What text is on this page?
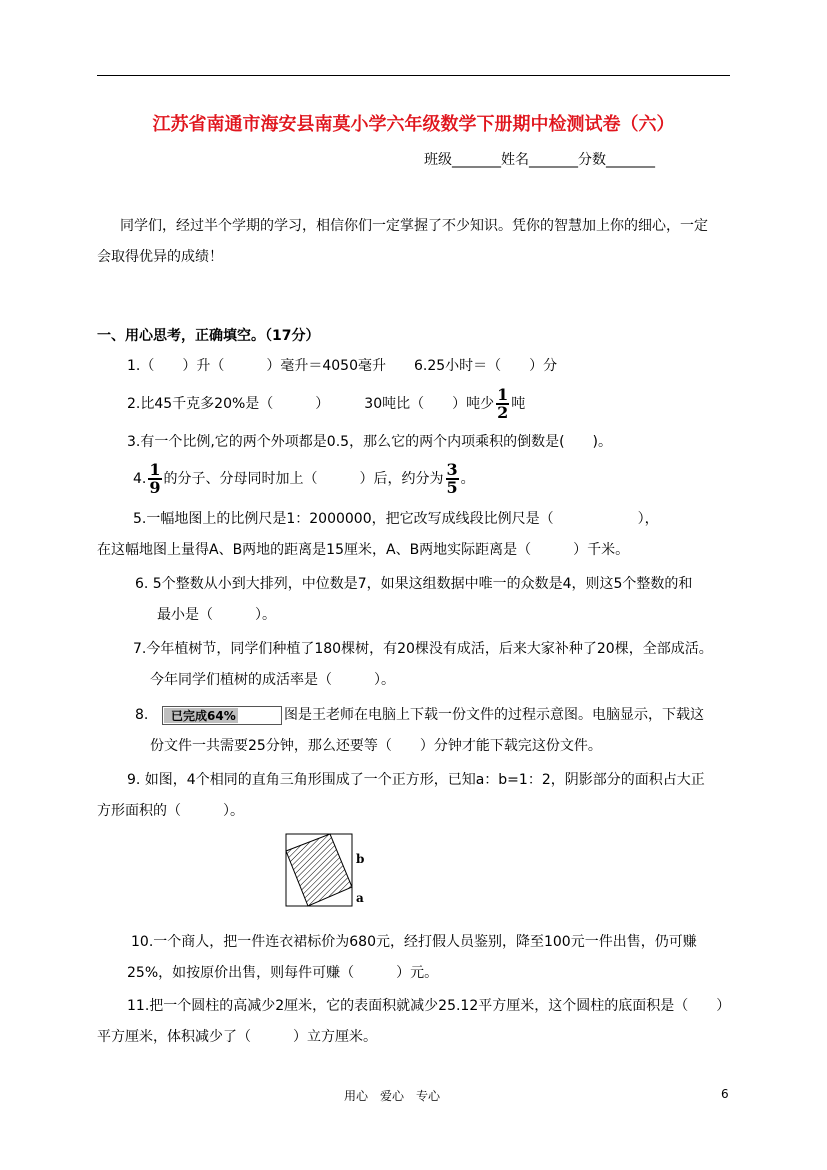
江苏省南通市海安县南莫小学六年级数学下册期中检测试卷（六）
班级_______姓名_______分数_______
同学们，经过半个学期的学习，相信你们一定掌握了不少知识。凭你的智慧加上你的细心，一定
会取得优异的成绩！
一、用心思考，正确填空。（17分）
1.（　　）升（　　　）毫升＝4050毫升　　6.25小时＝（　　）分
2.比45千克多20%是（　　　）　　　30吨比（　　）吨少 $\frac{1}{2}$ 吨
3.有一个比例,它的两个外项都是0.5，那么它的两个内项乘积的倒数是(　　)。
4. $\frac{1}{9}$ 的分子、分母同时加上（　　　）后，约分为 $\frac{3}{5}$ 。
5.一幅地图上的比例尺是1：2000000，把它改写成线段比例尺是（　　　　　　），
在这幅地图上量得A、B两地的距离是15厘米，A、B两地实际距离是（　　　）千米。
6. 5个整数从小到大排列，中位数是7，如果这组数据中唯一的众数是4，则这5个整数的和
最小是（　　　）。
7.今年植树节，同学们种植了180棵树，有20棵没有成活，后来大家补种了20棵，全部成活。
今年同学们植树的成活率是（　　　）。
8. 已完成64%	图是王老师在电脑上下载一份文件的过程示意图。电脑显示，下载这
份文件一共需要25分钟，那么还要等（　　）分钟才能下载完这份文件。
9. 如图，4个相同的直角三角形围成了一个正方形，已知a：b=1：2，阴影部分的面积占大正
方形面积的（　　　）。
b
a
10.一个商人，把一件连衣裙标价为680元，经打假人员鉴别，降至100元一件出售，仍可赚
25%，如按原价出售，则每件可赚（　　　）元。
11.把一个圆柱的高减少2厘米，它的表面积就减少25.12平方厘米，这个圆柱的底面积是（　　）
平方厘米，体积减少了（　　　）立方厘米。
用心　爱心　专心	6
